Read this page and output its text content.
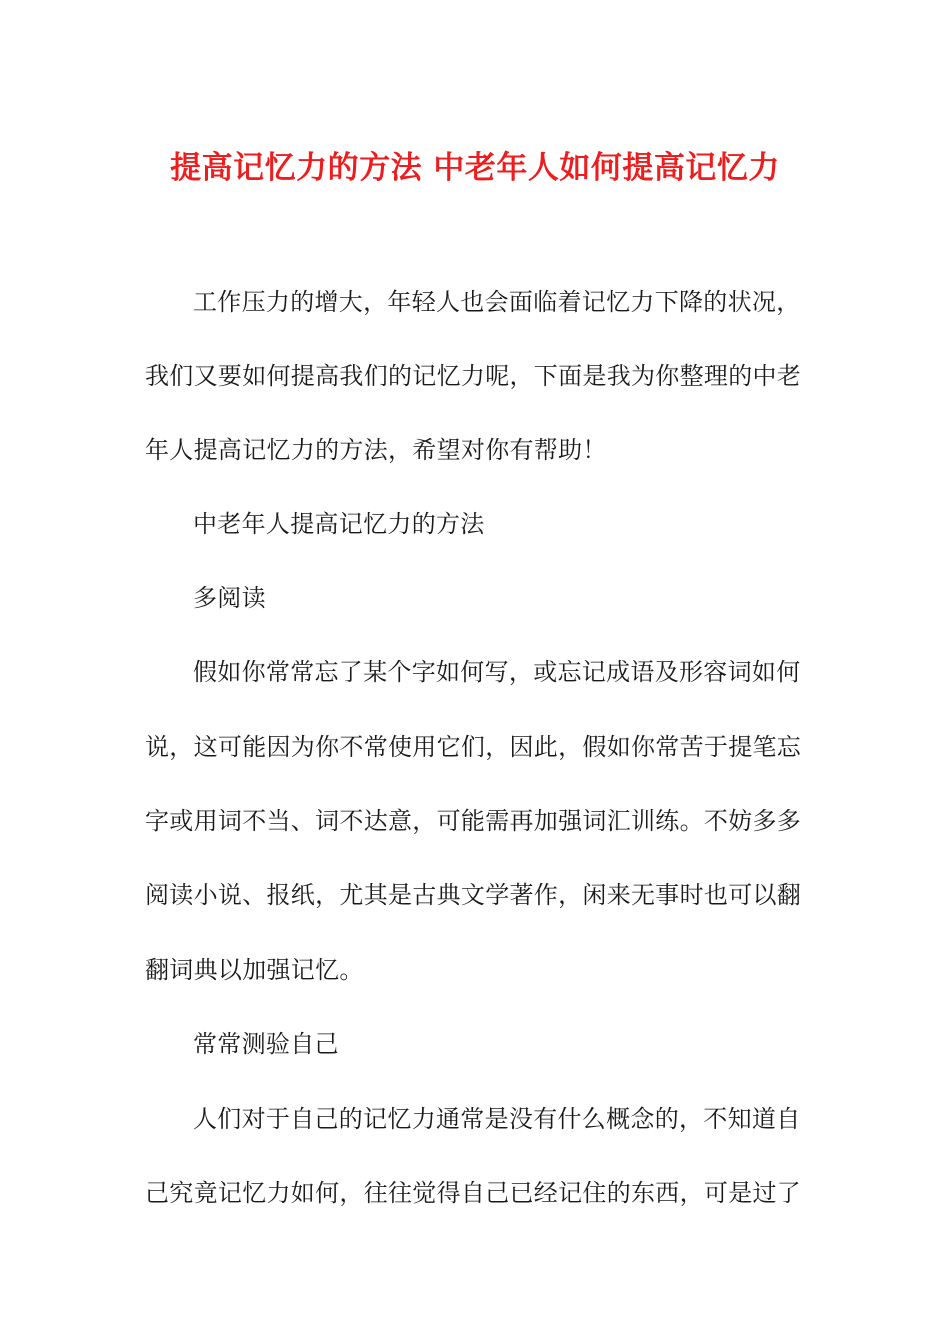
提高记忆力的方法 中老年人如何提高记忆力
工作压力的增大，年轻人也会面临着记忆力下降的状况，
我们又要如何提高我们的记忆力呢，下面是我为你整理的中老
年人提高记忆力的方法，希望对你有帮助！
中老年人提高记忆力的方法
多阅读
假如你常常忘了某个字如何写，或忘记成语及形容词如何
说，这可能因为你不常使用它们，因此，假如你常苦于提笔忘
字或用词不当、词不达意，可能需再加强词汇训练。不妨多多
阅读小说、报纸，尤其是古典文学著作，闲来无事时也可以翻
翻词典以加强记忆。
常常测验自己
人们对于自己的记忆力通常是没有什么概念的，不知道自
己究竟记忆力如何，往往觉得自己已经记住的东西，可是过了
